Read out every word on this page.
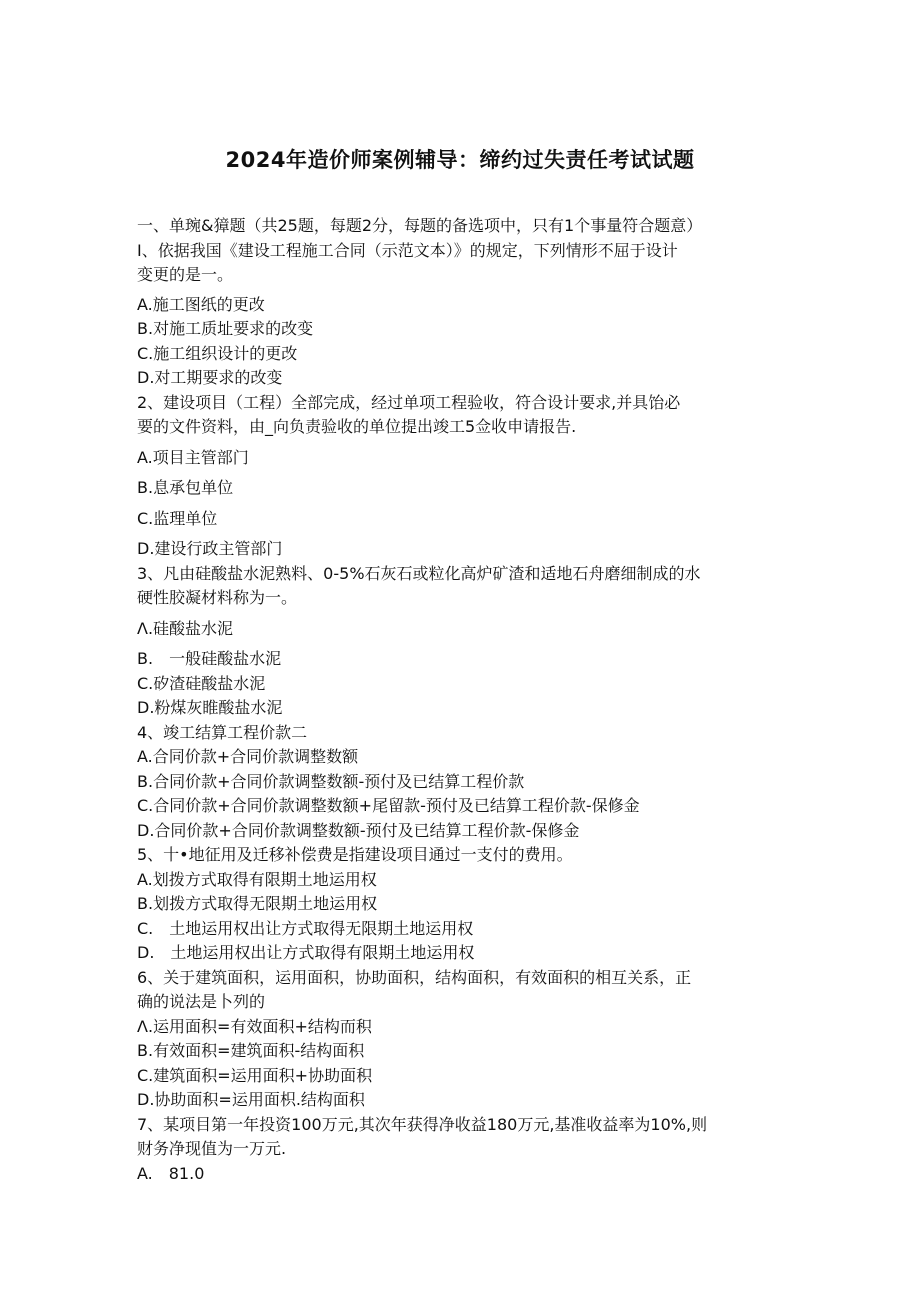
2024年造价师案例辅导：缔约过失责任考试试题
一、单琬&獐题（共25题，每题2分，每题的备选项中，只有1个事量符合题意）
I、依据我国《建设工程施工合同（示范文本）》的规定，下列情形不屈于设计
变更的是一。
A.施工图纸的更改
B.对施工质址要求的改变
C.施工组织设计的更改
D.对工期要求的改变
2、建设项目（工程）全部完成，经过单项工程验收，符合设计要求,并具饴必
要的文件资料，由_向负责验收的单位提出竣工5佥收申请报告.
A.项目主管部门
B.息承包单位
C.监理单位
D.建设行政主管部门
3、凡由硅酸盐水泥熟料、0-5%石灰石或粒化高炉矿渣和适地石舟磨细制成的水
硬性胶凝材料称为一。
Λ.硅酸盐水泥
B.　一般硅酸盐水泥
C.矽渣硅酸盐水泥
D.粉煤灰睢酸盐水泥
4、竣工结算工程价款二
A.合同价款+合同价款调整数额
B.合同价款+合同价款调整数额-预付及已结算工程价款
C.合同价款+合同价款调整数额+尾留款-预付及已结算工程价款-保修金
D.合同价款+合同价款调整数额-预付及已结算工程价款-保修金
5、十•地征用及迁移补偿费是指建设项目通过一支付的费用。
A.划拨方式取得有限期土地运用权
B.划拨方式取得无限期土地运用权
C.　土地运用权出让方式取得无限期土地运用权
D.　土地运用权出让方式取得有限期土地运用权
6、关于建筑面积，运用面积，协助面积，结构面积，有效面积的相互关系，正
确的说法是卜列的
Λ.运用面积=有效面积+结构而积
B.有效面积=建筑面积-结构面积
C.建筑面积=运用面积+协助面积
D.协助面积=运用面枳.结构面积
7、某项目第一年投资100万元,其次年获得净收益180万元,基准收益率为10%,则
财务净现值为一万元.
A.　81.0
